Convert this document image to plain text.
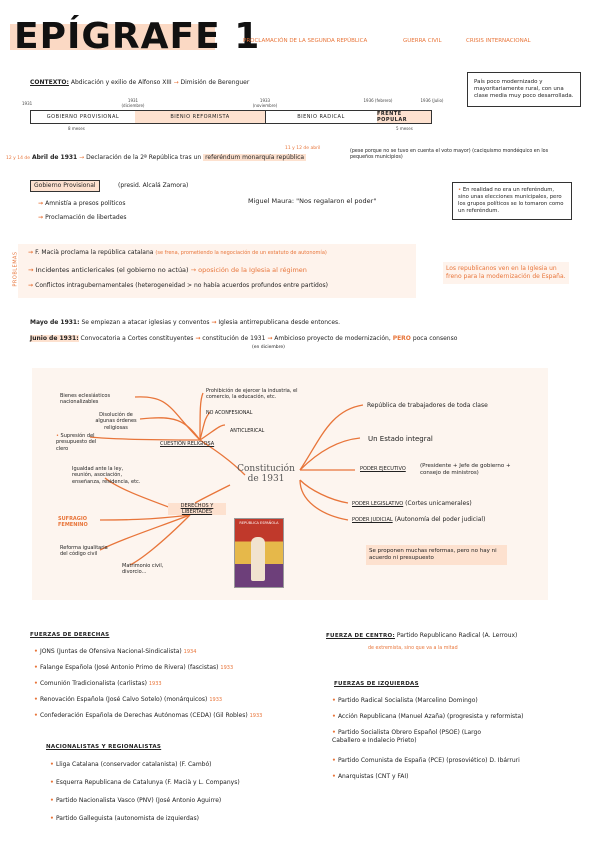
EPÍGRAFE 1
PROCLAMACIÓN DE LA SEGUNDA REPÚBLICA	GUERRA CIVIL	CRISIS INTERNACIONAL
CONTEXTO: Abdicación y exilio de Alfonso XIII → Dimisión de Berenguer	País poco modernizado y mayoritariamente rural, con una clase media muy poco desarrollada.
GOBIERNO PROVISIONAL	BIENIO REFORMISTA	BIENIO RADICAL	FRENTE POPULAR
1931
1931 (diciembre)
1933 (noviembre)
1936 (febrero)	1936 (Julio)
8 meses	5 meses
12 y 14 de Abril de 1931 → Declaración de la 2ª República tras un referéndum monarquía república
11 y 12 de abril
(pese porque no se tuvo en cuenta el voto mayor) (caciquismo mondéquico en los pequeños municipios)
Gobierno Provisional	(presid. Alcalá Zamora)
→ Amnistía a presos políticos
→ Proclamación de libertades
Miguel Maura: "Nos regalaron el poder"
• En realidad no era un referéndum, sino unas elecciones municipales, pero los grupos políticos se lo tomaron como un referéndum.
PROBLEMAS → F. Macià proclama la república catalana (se frena, prometiendo la negociación de un estatuto de autonomía)
→ Incidentes anticlericales (el gobierno no actúa) → oposición de la Iglesia al régimen
→ Conflictos intragubernamentales (heterogeneidad > no había acuerdos profundos entre partidos)
Los republicanos ven en la Iglesia un freno para la modernización de España.
Mayo de 1931: Se empiezan a atacar iglesias y conventos → Iglesia antirrepublicana desde entonces.
Junio de 1931: Convocatoria a Cortes constituyentes → constitución de 1931 → Ambicioso proyecto de modernización, PERO poca consenso
(en diciembre)
Constitución de 1931
CUESTIÓN RELIGIOSA
Bienes eclesiásticos nacionalizables
Prohibición de ejercer la industria, el comercio, la educación, etc.
Disolución de algunas órdenes religiosas
NO ACONFESIONAL
• Supresión del presupuesto del clero
ANTICLERICAL
DERECHOS Y LIBERTADES
Igualdad ante la ley, reunión, asociación, enseñanza, residencia, etc.
SUFRAGIO FEMENINO
Reforma igualitaria del código civil
Matrimonio civil, divorcio...
República de trabajadores de toda clase
Un Estado integral
PODER EJECUTIVO	(Presidente + Jefe de gobierno + consejo de ministros)
PODER LEGISLATIVO (Cortes unicamerales)
PODER JUDICIAL (Autonomía del poder judicial)
Se proponen muchas reformas, pero no hay ni acuerdo ni presupuesto
REPÚBLICA ESPAÑOLA
FUERZAS DE DERECHAS
• JONS (Juntas de Ofensiva Nacional-Sindicalista) 1934
• Falange Española (José Antonio Primo de Rivera) (fascistas) 1933
• Comunión Tradicionalista (carlistas) 1933
• Renovación Española (José Calvo Sotelo) (monárquicos) 1933
• Confederación Española de Derechas Autónomas (CEDA) (Gil Robles) 1933
NACIONALISTAS Y REGIONALISTAS
• Lliga Catalana (conservador catalanista) (F. Cambó)
• Esquerra Republicana de Catalunya (F. Macià y L. Companys)
• Partido Nacionalista Vasco (PNV) (José Antonio Aguirre)
• Partido Galleguista (autonomista de izquierdas)
FUERZA DE CENTRO: Partido Republicano Radical (A. Lerroux)
de extremista, sino que va a la mitad
FUERZAS DE IZQUIERDAS
• Partido Radical Socialista (Marcelino Domingo)
• Acción Republicana (Manuel Azaña) (progresista y reformista)
• Partido Socialista Obrero Español (PSOE) (Largo Caballero e Indalecio Prieto)
• Partido Comunista de España (PCE) (prosoviético) D. Ibárruri
• Anarquistas (CNT y FAI)
